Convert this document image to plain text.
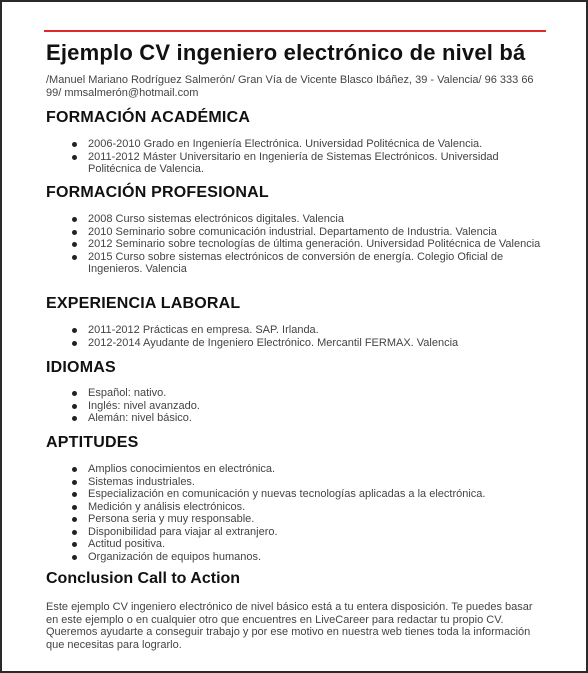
Ejemplo CV ingeniero electrónico de nivel bá
/Manuel Mariano Rodríguez Salmerón/ Gran Vía de Vicente Blasco Ibáñez, 39 - Valencia/ 96 333 66 99/ mmsalmerón@hotmail.com
FORMACIÓN ACADÉMICA
2006-2010 Grado en Ingeniería Electrónica. Universidad Politécnica de Valencia.
2011-2012 Máster Universitario en Ingeniería de Sistemas Electrónicos. Universidad Politécnica de Valencia.
FORMACIÓN PROFESIONAL
2008 Curso sistemas electrónicos digitales. Valencia
2010 Seminario sobre comunicación industrial. Departamento de Industria. Valencia
2012 Seminario sobre tecnologías de última generación. Universidad Politécnica de Valencia
2015 Curso sobre sistemas electrónicos de conversión de energía. Colegio Oficial de Ingenieros. Valencia
EXPERIENCIA LABORAL
2011-2012 Prácticas en empresa. SAP. Irlanda.
2012-2014 Ayudante de Ingeniero Electrónico. Mercantil FERMAX. Valencia
IDIOMAS
Español: nativo.
Inglés: nivel avanzado.
Alemán: nivel básico.
APTITUDES
Amplios conocimientos en electrónica.
Sistemas industriales.
Especialización en comunicación y nuevas tecnologías aplicadas a la electrónica.
Medición y análisis electrónicos.
Persona seria y muy responsable.
Disponibilidad para viajar al extranjero.
Actitud positiva.
Organización de equipos humanos.
Conclusion Call to Action
Este ejemplo CV ingeniero electrónico de nivel básico está a tu entera disposición. Te puedes basar en este ejemplo o en cualquier otro que encuentres en LiveCareer para redactar tu propio CV. Queremos ayudarte a conseguir trabajo y por ese motivo en nuestra web tienes toda la información que necesitas para lograrlo.
